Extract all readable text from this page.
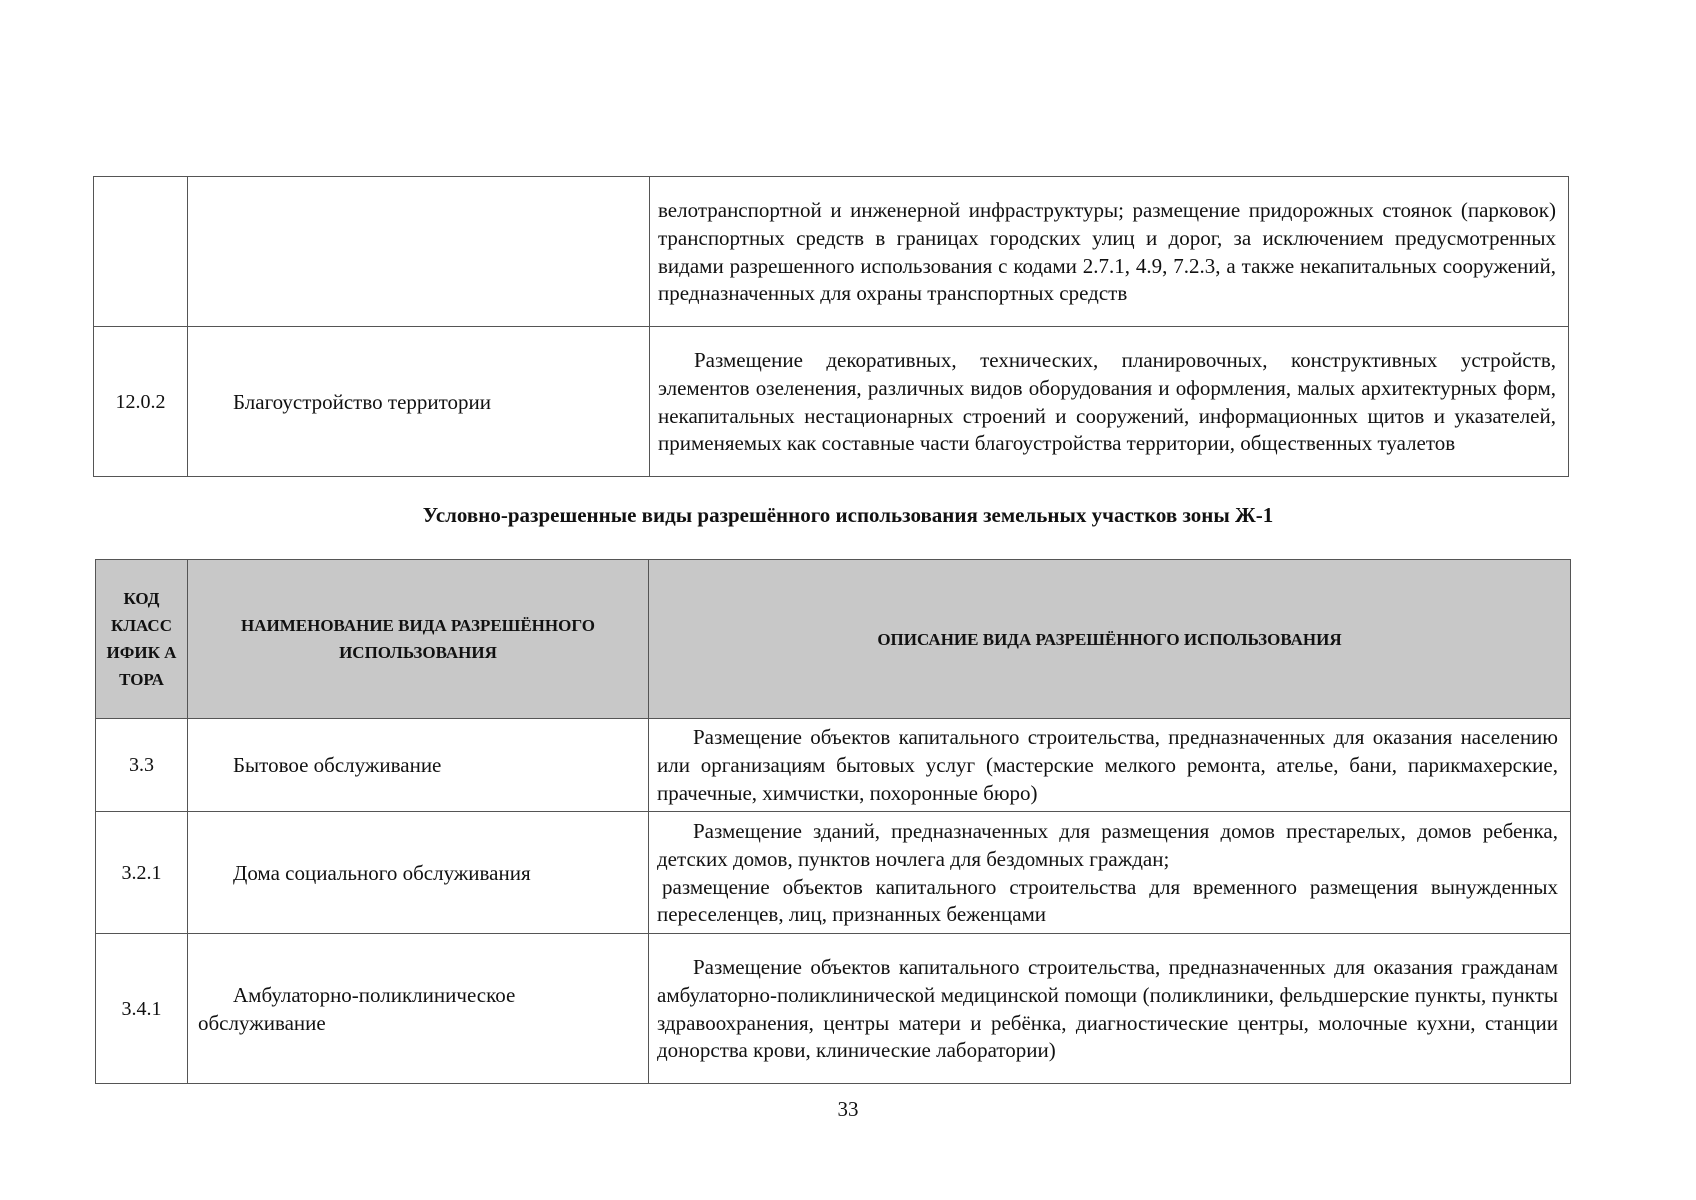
		велотранспортной и инженерной инфраструктуры; размещение придорожных стоянок (парковок) транспортных средств в границах городских улиц и дорог, за исключением предусмотренных видами разрешенного использования с кодами 2.7.1, 4.9, 7.2.3, а также некапитальных сооружений, предназначенных для охраны транспортных средств
12.0.2	Благоустройство территории	Размещение декоративных, технических, планировочных, конструктивных устройств, элементов озеленения, различных видов оборудования и оформления, малых архитектурных форм, некапитальных нестационарных строений и сооружений, информационных щитов и указателей, применяемых как составные части благоустройства территории, общественных туалетов
Условно-разрешенные виды разрешённого использования земельных участков зоны Ж-1
КОД КЛАСС ИФИК А ТОРА	НАИМЕНОВАНИЕ ВИДА РАЗРЕШЁННОГО ИСПОЛЬЗОВАНИЯ	ОПИСАНИЕ ВИДА РАЗРЕШЁННОГО ИСПОЛЬЗОВАНИЯ
3.3	Бытовое обслуживание	Размещение объектов капитального строительства, предназначенных для оказания населению или организациям бытовых услуг (мастерские мелкого ремонта, ателье, бани, парикмахерские, прачечные, химчистки, похоронные бюро)
3.2.1	Дома социального обслуживания	Размещение зданий, предназначенных для размещения домов престарелых, домов ребенка, детских домов, пунктов ночлега для бездомных граждан;

размещение объектов капитального строительства для временного размещения вынужденных переселенцев, лиц, признанных беженцами

3.4.1	Амбулаторно-поликлиническое обслуживание	Размещение объектов капитального строительства, предназначенных для оказания гражданам амбулаторно-поликлинической медицинской помощи (поликлиники, фельдшерские пункты, пункты здравоохранения, центры матери и ребёнка, диагностические центры, молочные кухни, станции донорства крови, клинические лаборатории)
33
